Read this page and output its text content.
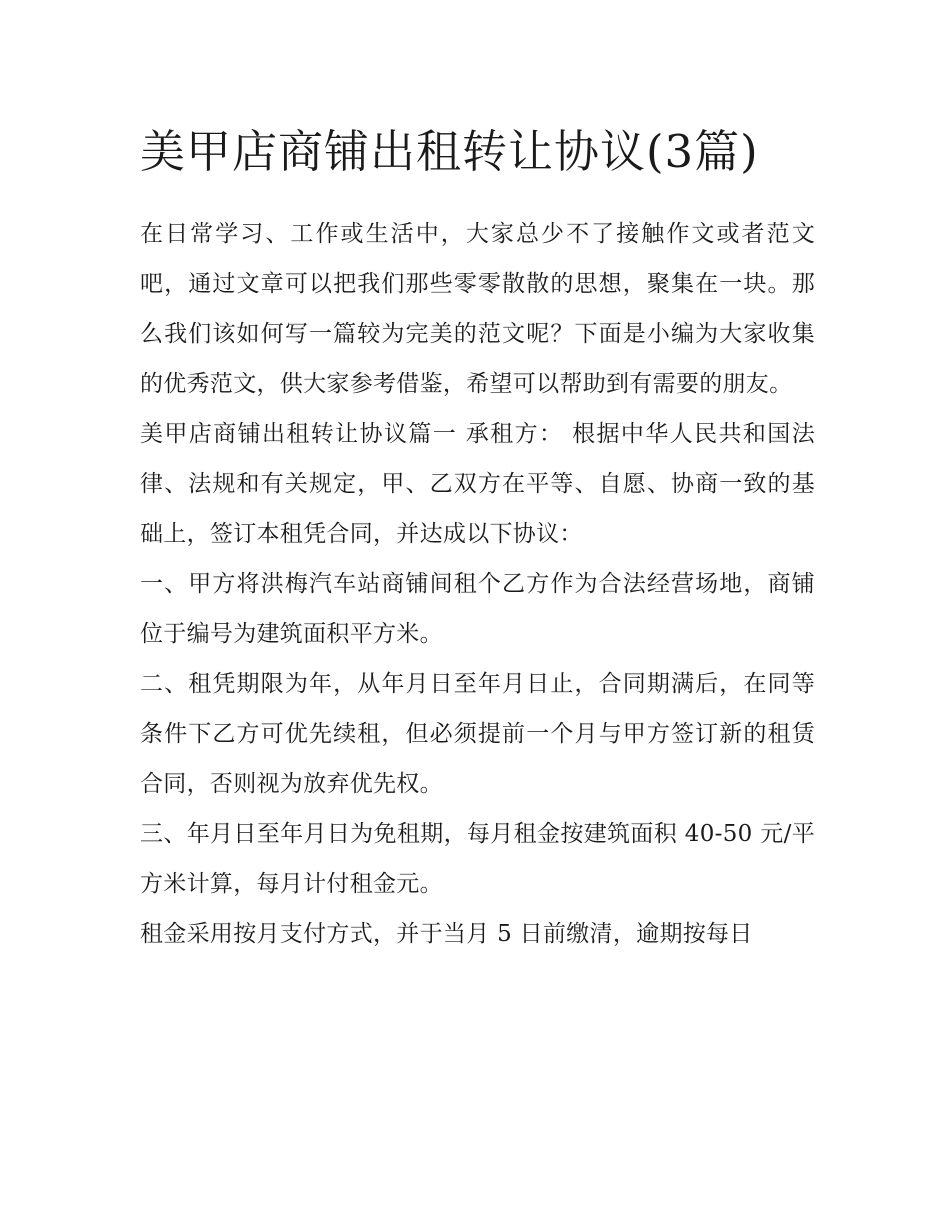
美甲店商铺出租转让协议(3篇)

在日常学习、工作或生活中，大家总少不了接触作文或者范文吧，通过文章可以把我们那些零零散散的思想，聚集在一块。那么我们该如何写一篇较为完美的范文呢？下面是小编为大家收集的优秀范文，供大家参考借鉴，希望可以帮助到有需要的朋友。

美甲店商铺出租转让协议篇一 承租方： 根据中华人民共和国法律、法规和有关规定，甲、乙双方在平等、自愿、协商一致的基础上，签订本租凭合同，并达成以下协议：

一、甲方将洪梅汽车站商铺间租个乙方作为合法经营场地，商铺位于编号为建筑面积平方米。

二、租凭期限为年，从年月日至年月日止，合同期满后，在同等条件下乙方可优先续租，但必须提前一个月与甲方签订新的租赁合同，否则视为放弃优先权。

三、年月日至年月日为免租期，每月租金按建筑面积 40-50 元/平方米计算，每月计付租金元。

租金采用按月支付方式，并于当月 5 日前缴清，逾期按每日
